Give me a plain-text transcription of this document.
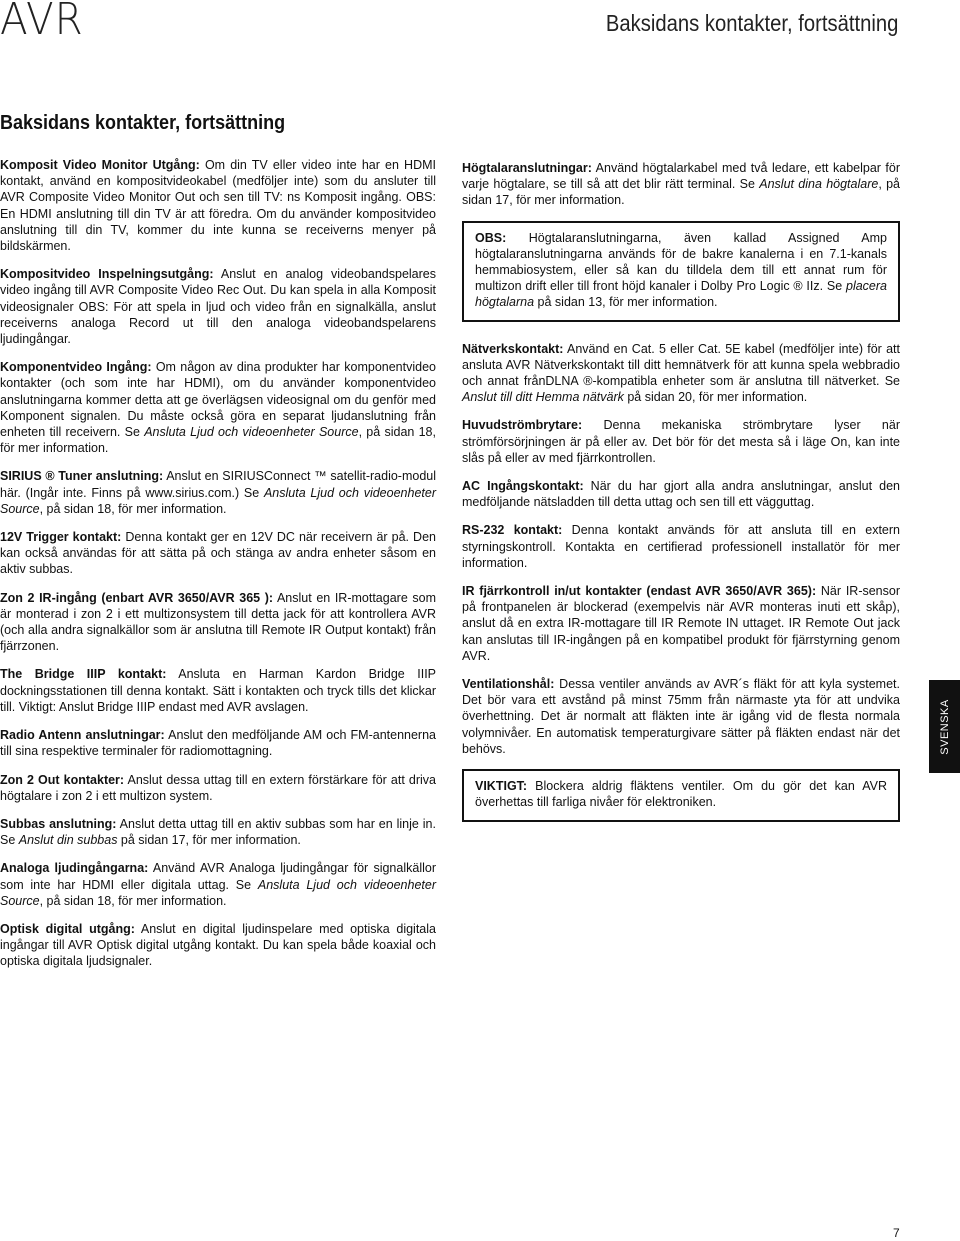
AVR	Baksidans kontakter, fortsättning
Baksidans kontakter, fortsättning
Komposit Video Monitor Utgång: Om din TV eller video inte har en HDMI kontakt, använd en kompositvideokabel (medföljer inte) som du ansluter till AVR Composite Video Monitor Out och sen till TV: ns Komposit ingång. OBS: En HDMI anslutning till din TV är att föredra. Om du använder kompositvideo anslutning till din TV, kommer du inte kunna se receiverns menyer på bildskärmen.
Kompositvideo Inspelningsutgång: Anslut en analog videobandspelares video ingång till AVR Composite Video Rec Out. Du kan spela in alla Komposit videosignaler OBS: För att spela in ljud och video från en signalkälla, anslut receiverns analoga Record ut till den analoga videobandspelarens ljudingångar.
Komponentvideo Ingång: Om någon av dina produkter har komponentvideo kontakter (och som inte har HDMI), om du använder komponentvideo anslutningarna kommer detta att ge överlägsen videosignal om du genför med Komponent signalen. Du måste också göra en separat ljudanslutning från enheten till receivern. Se Ansluta Ljud och videoenheter Source, på sidan 18, för mer information.
SIRIUS ® Tuner anslutning: Anslut en SIRIUSConnect ™ satellit-radio-modul här. (Ingår inte. Finns på www.sirius.com.) Se Ansluta Ljud och videoenheter Source, på sidan 18, för mer information.
12V Trigger kontakt: Denna kontakt ger en 12V DC när receivern är på. Den kan också användas för att sätta på och stänga av andra enheter såsom en aktiv subbas.
Zon 2 IR-ingång (enbart AVR 3650/AVR 365 ): Anslut en IR-mottagare som är monterad i zon 2 i ett multizonsystem till detta jack för att kontrollera AVR (och alla andra signalkällor som är anslutna till Remote IR Output kontakt) från fjärrzonen.
The Bridge IIIP kontakt: Ansluta en Harman Kardon Bridge IIIP dockningsstationen till denna kontakt. Sätt i kontakten och tryck tills det klickar till. Viktigt: Anslut Bridge IIIP endast med AVR avslagen.
Radio Antenn anslutningar: Anslut den medföljande AM och FM-antennerna till sina respektive terminaler för radiomottagning.
Zon 2 Out kontakter: Anslut dessa uttag till en extern förstärkare för att driva högtalare i zon 2 i ett multizon system.
Subbas anslutning: Anslut detta uttag till en aktiv subbas som har en linje in. Se Anslut din subbas på sidan 17, för mer information.
Analoga ljudingångarna: Använd AVR Analoga ljudingångar för signalkällor som inte har HDMI eller digitala uttag. Se Ansluta Ljud och videoenheter Source, på sidan 18, för mer information.
Optisk digital utgång: Anslut en digital ljudinspelare med optiska digitala ingångar till AVR Optisk digital utgång kontakt. Du kan spela både koaxial och optiska digitala ljudsignaler.
Högtalaranslutningar: Använd högtalarkabel med två ledare, ett kabelpar för varje högtalare, se till så att det blir rätt terminal. Se Anslut dina högtalare, på sidan 17, för mer information.
OBS: Högtalaranslutningarna, även kallad Assigned Amp högtalaranslutningarna används för de bakre kanalerna i en 7.1-kanals hemmabiosystem, eller så kan du tilldela dem till ett annat rum för multizon drift eller till front höjd kanaler i Dolby Pro Logic ® IIz. Se placera högtalarna på sidan 13, för mer information.
Nätverkskontakt: Använd en Cat. 5 eller Cat. 5E kabel (medföljer inte) för att ansluta AVR Nätverkskontakt till ditt hemnätverk för att kunna spela webbradio och annat frånDLNA ®-kompatibla enheter som är anslutna till nätverket. Se Anslut till ditt Hemma nätvärk på sidan 20, för mer information.
Huvudströmbrytare: Denna mekaniska strömbrytare lyser när strömförsörjningen är på eller av. Det bör för det mesta så i läge On, kan inte slås på eller av med fjärrkontrollen.
AC Ingångskontakt: När du har gjort alla andra anslutningar, anslut den medföljande nätsladden till detta uttag och sen till ett vägguttag.
RS-232 kontakt: Denna kontakt används för att ansluta till en extern styrningskontroll. Kontakta en certifierad professionell installatör för mer information.
IR fjärrkontroll in/ut kontakter (endast AVR 3650/AVR 365): När IR-sensor på frontpanelen är blockerad (exempelvis när AVR monteras inuti ett skåp), anslut då en extra IR-mottagare till IR Remote IN uttaget. IR Remote Out jack kan anslutas till IR-ingången på en kompatibel produkt för fjärrstyrning genom AVR.
Ventilationshål: Dessa ventiler används av AVR´s fläkt för att kyla systemet. Det bör vara ett avstånd på minst 75mm från närmaste yta för att undvika överhettning. Det är normalt att fläkten inte är igång vid de flesta normala volymnivåer. En automatisk temperaturgivare sätter på fläkten endast när det behövs.
VIKTIGT: Blockera aldrig fläktens ventiler. Om du gör det kan AVR överhettas till farliga nivåer för elektroniken.
SVENSKA
7
